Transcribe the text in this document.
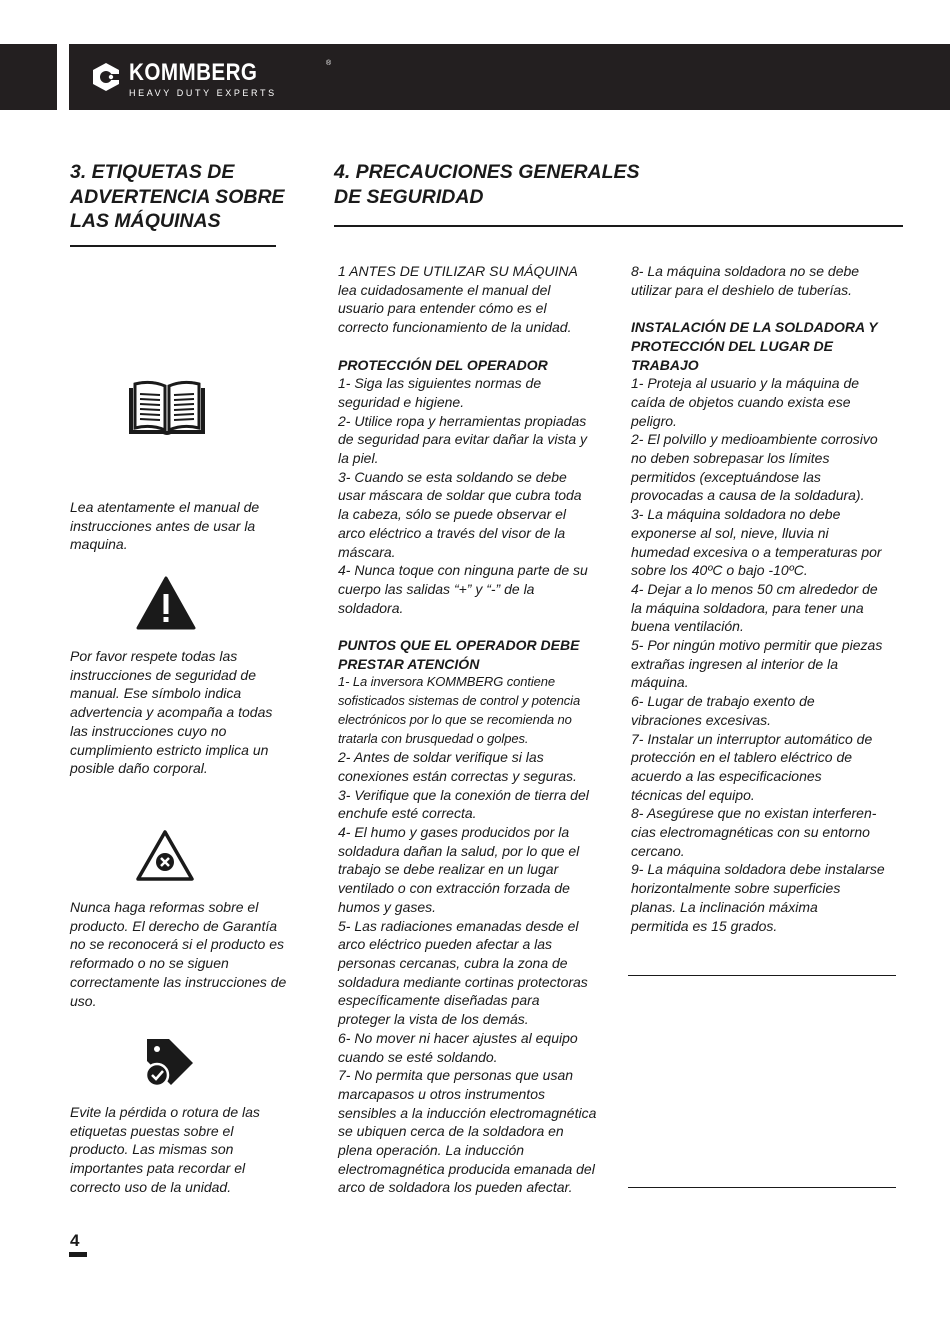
KOMMBERG	®
HEAVY DUTY EXPERTS
3. ETIQUETAS DE
ADVERTENCIA SOBRE
LAS MÁQUINAS
4. PRECAUCIONES GENERALES
DE SEGURIDAD
Lea atentamente el manual de instrucciones antes de usar la maquina.
Por favor respete todas las instrucciones de seguridad de manual. Ese símbolo indica advertencia y acompaña a todas las instrucciones cuyo no cumplimiento estricto implica un posible daño corporal.
Nunca haga reformas sobre el producto. El derecho de Garantía no se reconocerá si el producto es reformado o no se siguen correctamente las instrucciones de uso.
Evite la pérdida o rotura de las etiquetas puestas sobre el producto. Las mismas son importantes pata recordar el correcto uso de la unidad.

1 ANTES DE UTILIZAR SU MÁQUINA

lea cuidadosamente el manual del

usuario para entender cómo es el

correcto funcionamiento de la unidad.

PROTECCIÓN DEL OPERADOR

1- Siga las siguientes normas de

seguridad e higiene.

2- Utilice ropa y herramientas propiadas

de seguridad para evitar dañar la vista y

la piel.

3- Cuando se esta soldando se debe

usar máscara de soldar que cubra toda

la cabeza, sólo se puede observar el

arco eléctrico a través del visor de la

máscara.

4- Nunca toque con ninguna parte de su

cuerpo las salidas “+” y “-” de la

soldadora.

PUNTOS QUE EL OPERADOR DEBE

PRESTAR ATENCIÓN

1- La inversora KOMMBERG contiene

sofisticados sistemas de control y potencia

electrónicos por lo que se recomienda no

tratarla con brusquedad o golpes.

2- Antes de soldar verifique si las

conexiones están correctas y seguras.

3- Verifique que la conexión de tierra del

enchufe esté correcta.

4- El humo y gases producidos por la

soldadura dañan la salud, por lo que el

trabajo se debe realizar en un lugar

ventilado o con extracción forzada de

humos y gases.

5- Las radiaciones emanadas desde el

arco eléctrico pueden afectar a las

personas cercanas, cubra la zona de

soldadura mediante cortinas protectoras

específicamente diseñadas para

proteger la vista de los demás.

6- No mover ni hacer ajustes al equipo

cuando se esté soldando.

7- No permita que personas que usan

marcapasos u otros instrumentos

sensibles a la inducción electromagnética

se ubiquen cerca de la soldadora en

plena operación. La inducción

electromagnética producida emanada del

arco de soldadora los pueden afectar.

8- La máquina soldadora no se debe

utilizar para el deshielo de tuberías.

INSTALACIÓN DE LA SOLDADORA Y

PROTECCIÓN DEL LUGAR DE

TRABAJO

1- Proteja al usuario y la máquina de

caída de objetos cuando exista ese

peligro.

2- El polvillo y medioambiente corrosivo

no deben sobrepasar los límites

permitidos (exceptuándose las

provocadas a causa de la soldadura).

3- La máquina soldadora no debe

exponerse al sol, nieve, lluvia ni

humedad excesiva o a temperaturas por

sobre los 40ºC o bajo -10ºC.

4- Dejar a lo menos 50 cm alrededor de

la máquina soldadora, para tener una

buena ventilación.

5- Por ningún motivo permitir que piezas

extrañas ingresen al interior de la

máquina.

6- Lugar de trabajo exento de

vibraciones excesivas.

7- Instalar un interruptor automático de

protección en el tablero eléctrico de

acuerdo a las especificaciones

técnicas del equipo.

8- Asegúrese que no existan interferen-

cias electromagnéticas con su entorno

cercano.

9- La máquina soldadora debe instalarse

horizontalmente sobre superficies

planas. La inclinación máxima

permitida es 15 grados.

4
